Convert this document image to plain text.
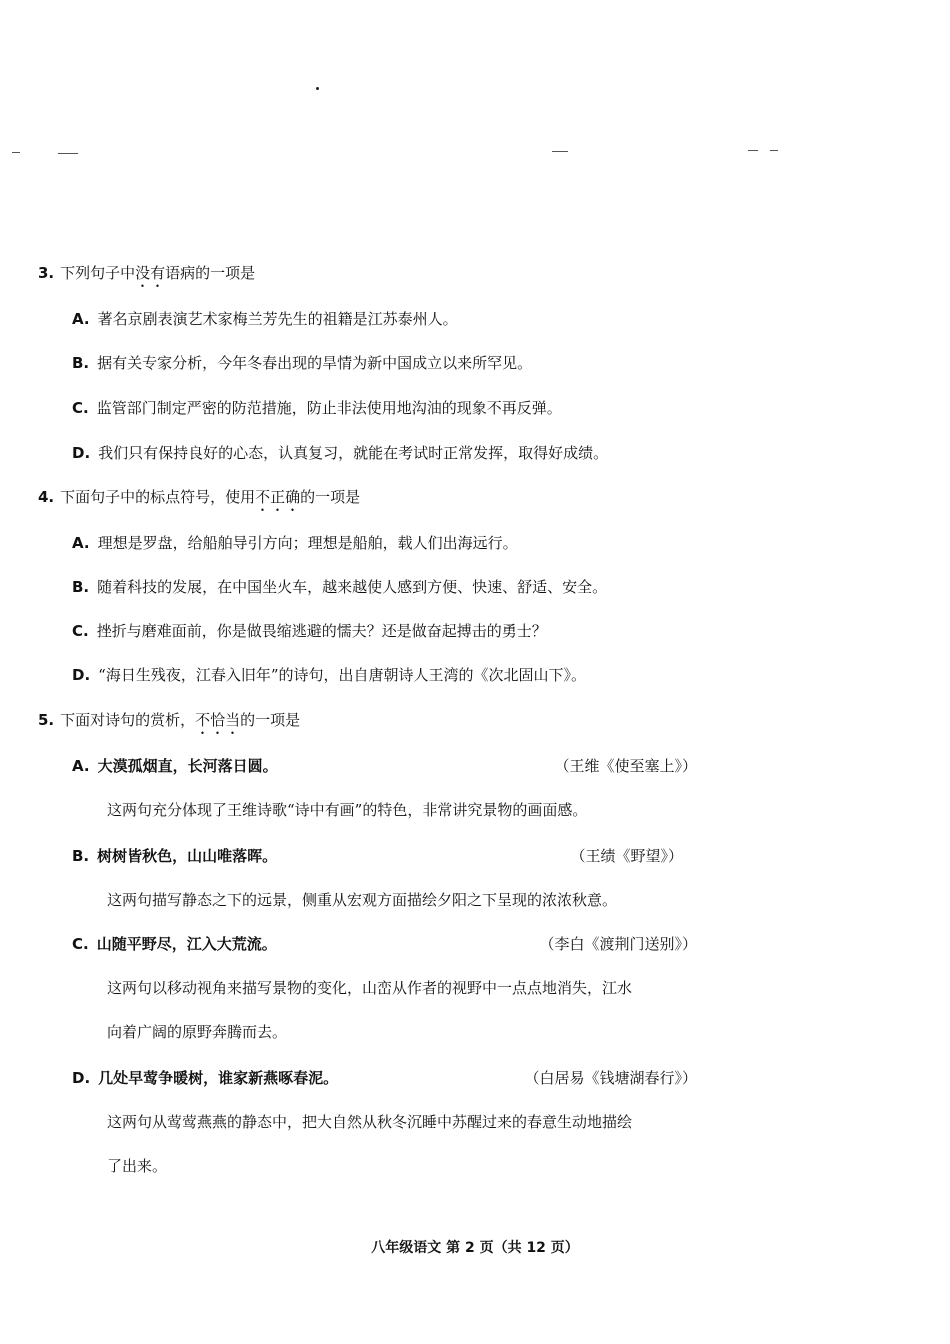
3. 下列句子中没有语病的一项是
A. 著名京剧表演艺术家梅兰芳先生的祖籍是江苏泰州人。
B. 据有关专家分析，今年冬春出现的旱情为新中国成立以来所罕见。
C. 监管部门制定严密的防范措施，防止非法使用地沟油的现象不再反弹。
D. 我们只有保持良好的心态，认真复习，就能在考试时正常发挥，取得好成绩。
4. 下面句子中的标点符号，使用不正确的一项是
A. 理想是罗盘，给船舶导引方向；理想是船舶，载人们出海远行。
B. 随着科技的发展，在中国坐火车，越来越使人感到方便、快速、舒适、安全。
C. 挫折与磨难面前，你是做畏缩逃避的懦夫？还是做奋起搏击的勇士？
D. “海日生残夜，江春入旧年”的诗句，出自唐朝诗人王湾的《次北固山下》。
5. 下面对诗句的赏析，不恰当的一项是
A. 大漠孤烟直，长河落日圆。	（王维《使至塞上》）
这两句充分体现了王维诗歌“诗中有画”的特色，非常讲究景物的画面感。
B. 树树皆秋色，山山唯落晖。	（王绩《野望》）
这两句描写静态之下的远景，侧重从宏观方面描绘夕阳之下呈现的浓浓秋意。
C. 山随平野尽，江入大荒流。	（李白《渡荆门送别》）
这两句以移动视角来描写景物的变化，山峦从作者的视野中一点点地消失，江水
向着广阔的原野奔腾而去。
D. 几处早莺争暖树，谁家新燕啄春泥。	（白居易《钱塘湖春行》）
这两句从莺莺燕燕的静态中，把大自然从秋冬沉睡中苏醒过来的春意生动地描绘
了出来。
八年级语文 第 2 页（共 12 页）
